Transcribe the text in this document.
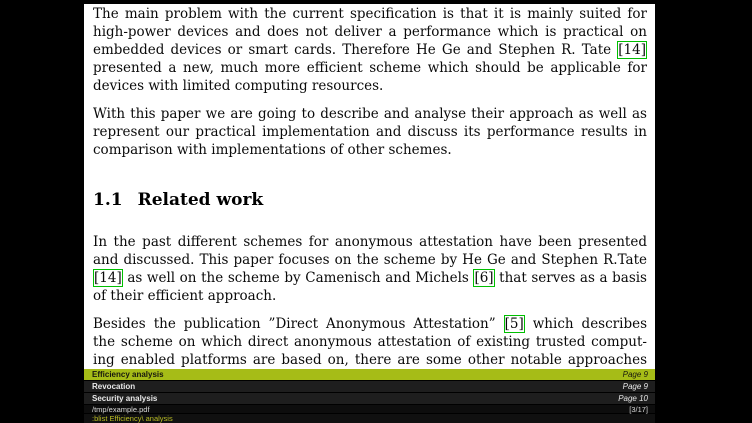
The main problem with the current specification is that it is mainly suited for
high-power devices and does not deliver a performance which is practical on
embedded devices or smart cards. Therefore He Ge and Stephen R. Tate [14]
presented a new, much more efficient scheme which should be applicable for
devices with limited computing resources.
With this paper we are going to describe and analyse their approach as well as
represent our practical implementation and discuss its performance results in
comparison with implementations of other schemes.
1.1 Related work
In the past different schemes for anonymous attestation have been presented
and discussed. This paper focuses on the scheme by He Ge and Stephen R.Tate
[14] as well on the scheme by Camenisch and Michels [6] that serves as a basis
of their efficient approach.
Besides the publication ”Direct Anonymous Attestation” [5] which describes
the scheme on which direct anonymous attestation of existing trusted comput-
ing enabled platforms are based on, there are some other notable approaches
Efficiency analysis	Page 9
Revocation	Page 9
Security analysis	Page 10
/tmp/example.pdf	[3/17]
:blist Efficiency\ analysis
